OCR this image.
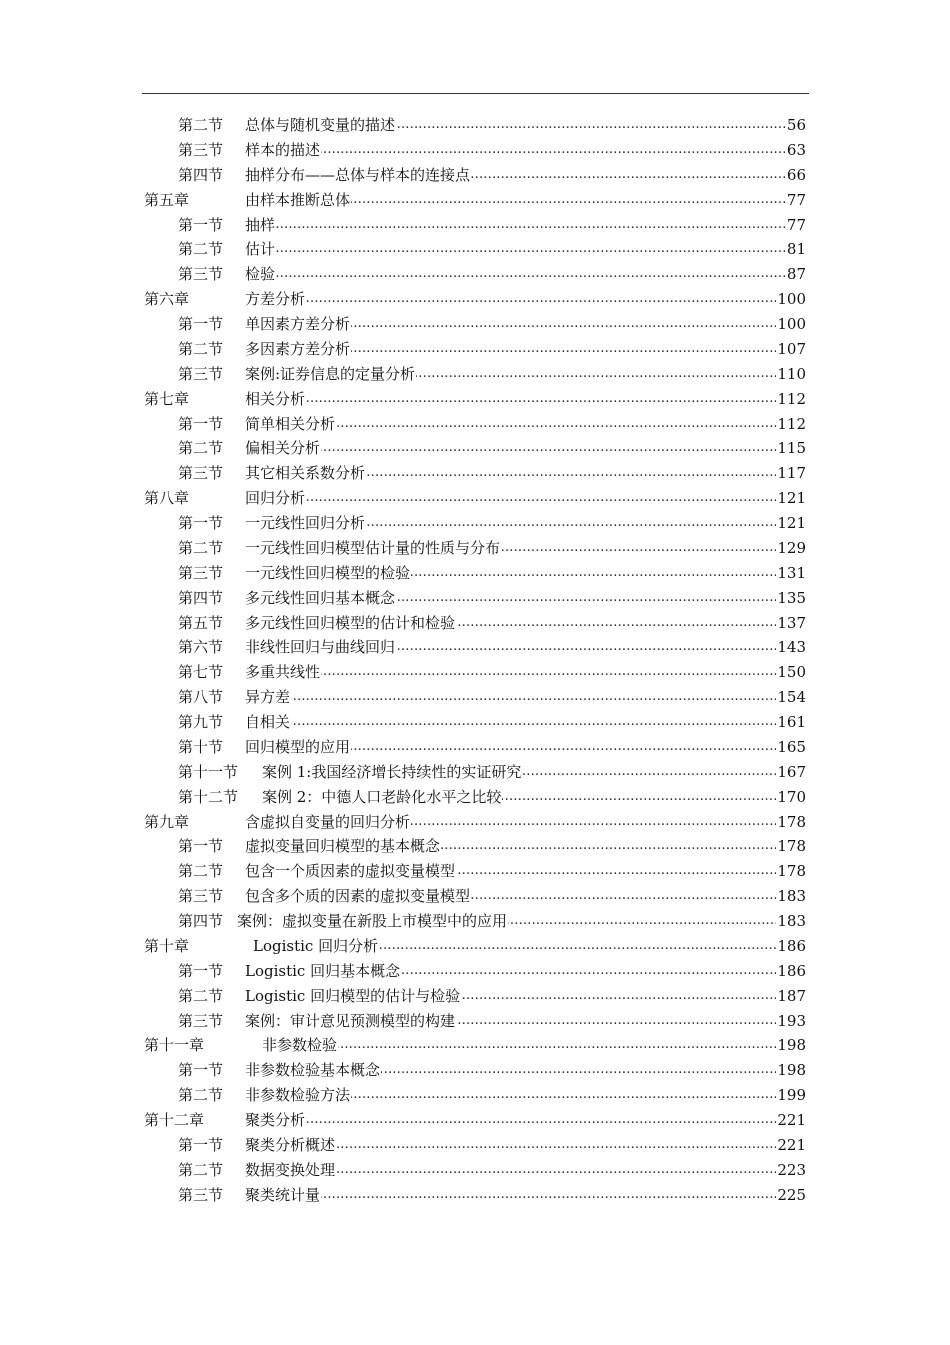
第二节 ..... 总体与随机变量的描述	56
第三节 ..... 样本的描述	63
第四节 ..... 抽样分布——总体与样本的连接点	66
第五章 .....	由样本推断总体	77
第一节 ..... 抽样	77
第二节 ..... 估计	81
第三节 ..... 检验	87
第六章 .....	方差分析	100
第一节 ..... 单因素方差分析	100
第二节 ..... 多因素方差分析	107
第三节 ..... 案例:证券信息的定量分析	110
第七章 .....	相关分析	112
第一节 ..... 简单相关分析	112
第二节 ..... 偏相关分析	115
第三节 ..... 其它相关系数分析	117
第八章 .....	回归分析	121
第一节 ..... 一元线性回归分析	121
第二节 ..... 一元线性回归模型估计量的性质与分布	129
第三节 ..... 一元线性回归模型的检验	131
第四节 ..... 多元线性回归基本概念	135
第五节 ..... 多元线性回归模型的估计和检验	137
第六节 ..... 非线性回归与曲线回归	143
第七节 ..... 多重共线性	150
第八节 ..... 异方差	154
第九节 ..... 自相关	161
第十节 ..... 回归模型的应用	165
第十一节 ..... 案例 1:我国经济增长持续性的实证研究	167
第十二节 ..... 案例 2：中德人口老龄化水平之比较	170
第九章 .....	含虚拟自变量的回归分析	178
第一节 ..... 虚拟变量回归模型的基本概念	178
第二节 ..... 包含一个质因素的虚拟变量模型	178
第三节 ..... 包含多个质的因素的虚拟变量模型	183
第四节 ..... 案例：虚拟变量在新股上市模型中的应用	183
第十章 .....	Logistic 回归分析	186
第一节 ..... Logistic 回归基本概念	186
第二节 ..... Logistic 回归模型的估计与检验	187
第三节 ..... 案例：审计意见预测模型的构建	193
第十一章 .....	非参数检验	198
第一节 ..... 非参数检验基本概念	198
第二节 ..... 非参数检验方法	199
第十二章 .....	聚类分析	221
第一节 ..... 聚类分析概述	221
第二节 ..... 数据变换处理	223
第三节 ..... 聚类统计量	225
